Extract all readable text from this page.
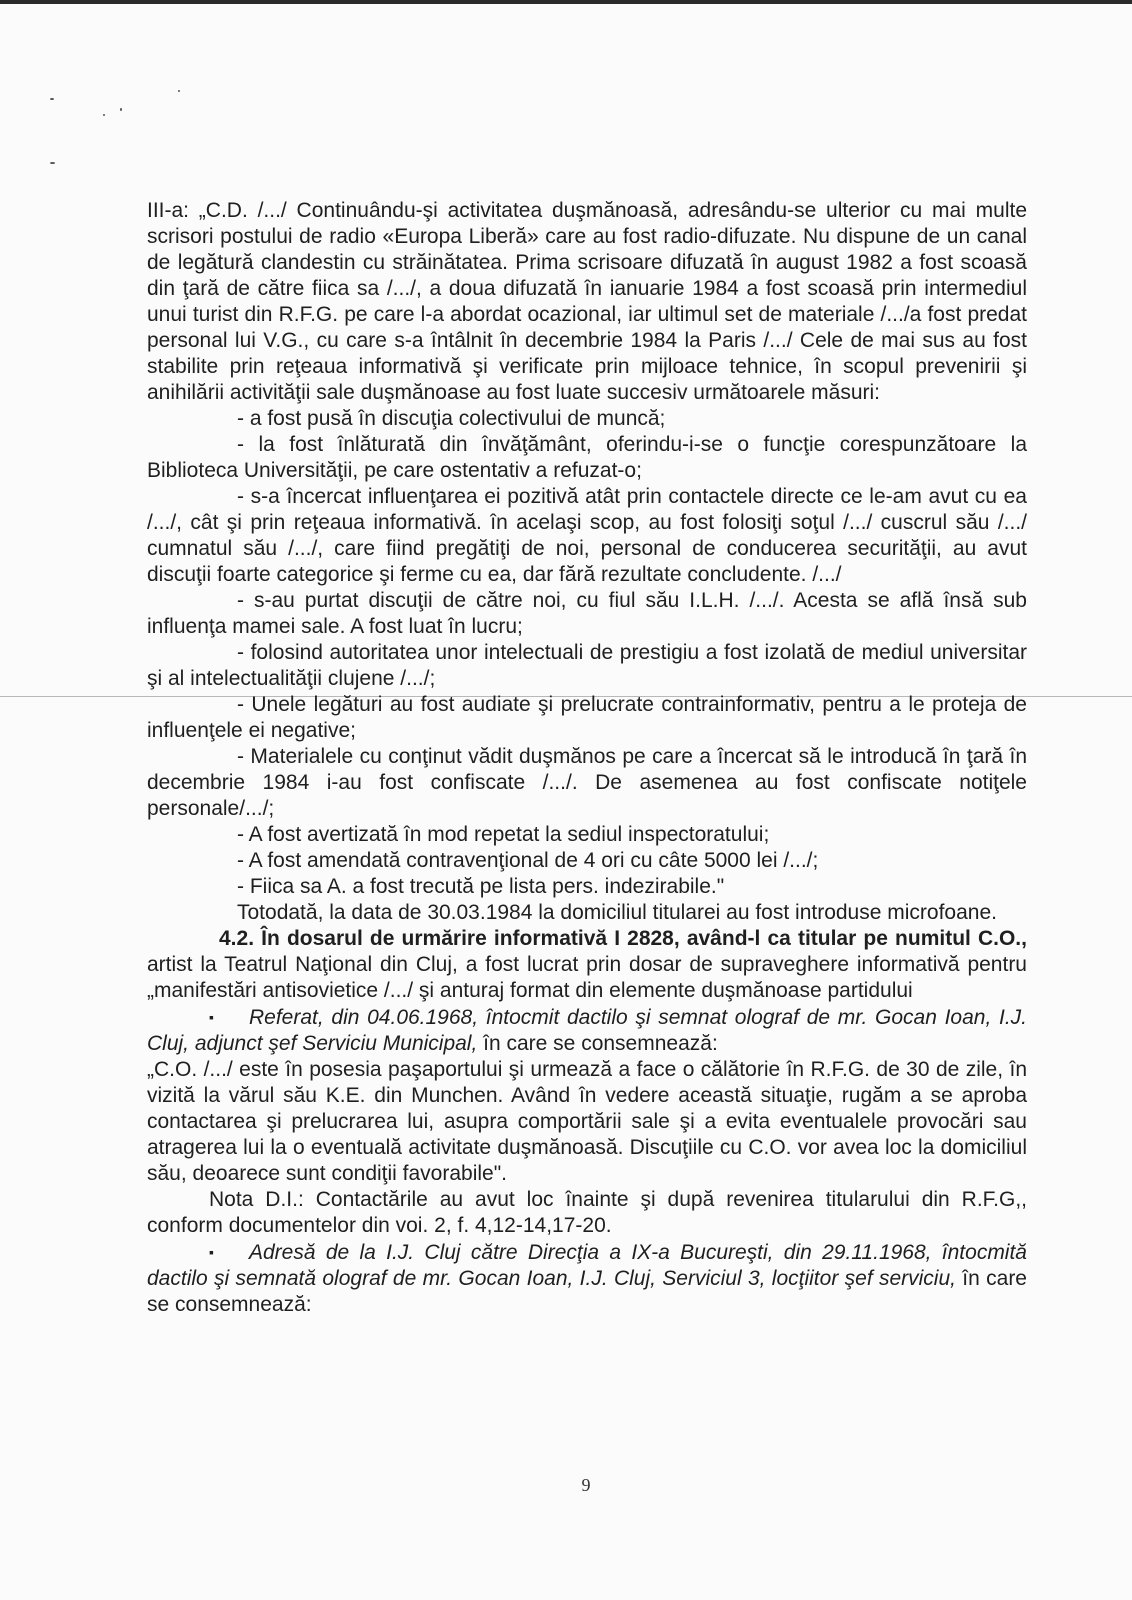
III-a: „C.D. /.../ Continuându-şi activitatea duşmănoasă, adresându-se ulterior cu mai multe scrisori postului de radio «Europa Liberă» care au fost radio-difuzate. Nu dispune de un canal de legătură clandestin cu străinătatea. Prima scrisoare difuzată în august 1982 a fost scoasă din ţară de către fiica sa /.../, a doua difuzată în ianuarie 1984 a fost scoasă prin intermediul unui turist din R.F.G. pe care l-a abordat ocazional, iar ultimul set de materiale /.../a fost predat personal lui V.G., cu care s-a întâlnit în decembrie 1984 la Paris /.../ Cele de mai sus au fost stabilite prin reţeaua informativă şi verificate prin mijloace tehnice, în scopul prevenirii şi anihilării activităţii sale duşmănoase au fost luate succesiv următoarele măsuri:

- a fost pusă în discuţia colectivului de muncă;

- la fost înlăturată din învăţământ, oferindu-i-se o funcţie corespunzătoare la Biblioteca Universităţii, pe care ostentativ a refuzat-o;

- s-a încercat influenţarea ei pozitivă atât prin contactele directe ce le-am avut cu ea /.../, cât şi prin reţeaua informativă. în acelaşi scop, au fost folosiţi soţul /.../ cuscrul său /.../ cumnatul său /.../, care fiind pregătiţi de noi, personal de conducerea securităţii, au avut discuţii foarte categorice şi ferme cu ea, dar fără rezultate concludente. /.../

- s-au purtat discuţii de către noi, cu fiul său I.L.H. /.../. Acesta se află însă sub influenţa mamei sale. A fost luat în lucru;

- folosind autoritatea unor intelectuali de prestigiu a fost izolată de mediul universitar şi al intelectualităţii clujene /.../;

- Unele legături au fost audiate şi prelucrate contrainformativ, pentru a le proteja de influenţele ei negative;

- Materialele cu conţinut vădit duşmănos pe care a încercat să le introducă în ţară în decembrie 1984 i-au fost confiscate /.../. De asemenea au fost confiscate notiţele personale/.../;

- A fost avertizată în mod repetat la sediul inspectoratului;

- A fost amendată contravenţional de 4 ori cu câte 5000 lei /.../;

- Fiica sa A. a fost trecută pe lista pers. indezirabile."

Totodată, la data de 30.03.1984 la domiciliul titularei au fost introduse microfoane.

4.2. În dosarul de urmărire informativă I 2828, având-l ca titular pe numitul C.O., artist la Teatrul Naţional din Cluj, a fost lucrat prin dosar de supraveghere informativă pentru „manifestări antisovietice /.../ şi anturaj format din elemente duşmănoase partidului

▪ Referat, din 04.06.1968, întocmit dactilo şi semnat olograf de mr. Gocan Ioan, I.J. Cluj, adjunct şef Serviciu Municipal, în care se consemnează:

„C.O. /.../ este în posesia paşaportului şi urmează a face o călătorie în R.F.G. de 30 de zile, în vizită la vărul său K.E. din Munchen. Având în vedere această situaţie, rugăm a se aproba contactarea şi prelucrarea lui, asupra comportării sale şi a evita eventualele provocări sau atragerea lui la o eventuală activitate duşmănoasă. Discuţiile cu C.O. vor avea loc la domiciliul său, deoarece sunt condiţii favorabile".

Nota D.I.: Contactările au avut loc înainte şi după revenirea titularului din R.F.G,, conform documentelor din voi. 2, f. 4,12-14,17-20.

▪ Adresă de la I.J. Cluj către Direcţia a IX-a Bucureşti, din 29.11.1968, întocmită dactilo şi semnată olograf de mr. Gocan Ioan, I.J. Cluj, Serviciul 3, locţiitor şef serviciu, în care se consemnează:

9
